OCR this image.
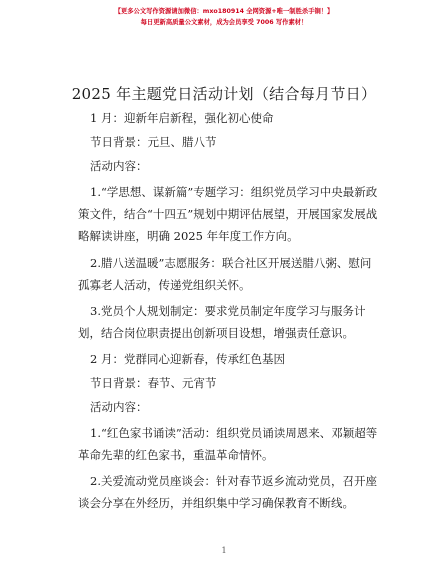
【更多公文写作资源请加微信：mxo180914 全网资源+唯一制胜杀手锏！】
每日更新高质量公文素材，成为会员享受 7006 写作素材！
2025 年主题党日活动计划（结合每月节日）
1 月：迎新年启新程，强化初心使命
节日背景：元旦、腊八节
活动内容：
1.“学思想、谋新篇”专题学习：组织党员学习中央最新政
策文件，结合“十四五”规划中期评估展望，开展国家发展战
略解读讲座，明确 2025 年年度工作方向。
2.腊八送温暖”志愿服务：联合社区开展送腊八粥、慰问
孤寡老人活动，传递党组织关怀。
3.党员个人规划制定：要求党员制定年度学习与服务计
划，结合岗位职责提出创新项目设想，增强责任意识。
2 月：党群同心迎新春，传承红色基因
节日背景：春节、元宵节
活动内容：
1.“红色家书诵读”活动：组织党员诵读周恩来、邓颖超等
革命先辈的红色家书，重温革命情怀。
2.关爱流动党员座谈会：针对春节返乡流动党员，召开座
谈会分享在外经历，并组织集中学习确保教育不断线。
1
